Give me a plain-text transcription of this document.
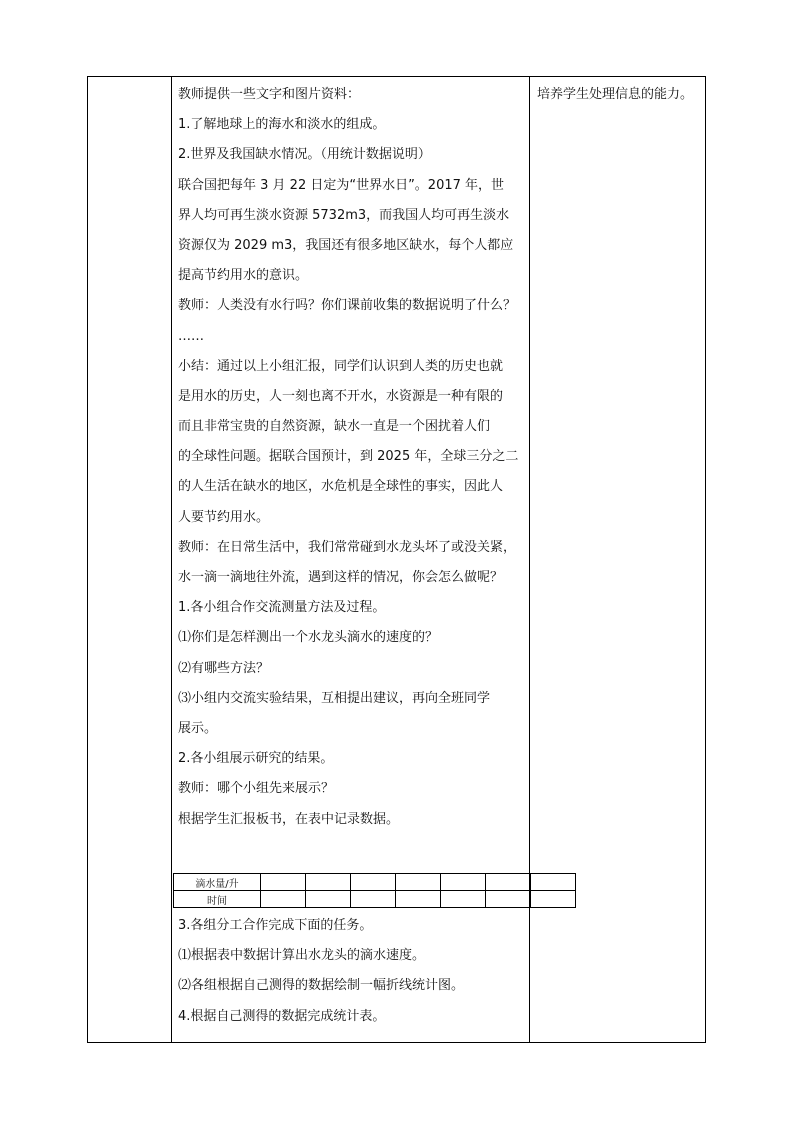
教师提供一些文字和图片资料：
1.了解地球上的海水和淡水的组成。
2.世界及我国缺水情况。（用统计数据说明）
联合国把每年 3 月 22 日定为“世界水日”。2017 年，世
界人均可再生淡水资源 5732m3，而我国人均可再生淡水
资源仅为 2029 m3，我国还有很多地区缺水，每个人都应
提高节约用水的意识。
教师：人类没有水行吗？你们课前收集的数据说明了什么？
……
小结：通过以上小组汇报，同学们认识到人类的历史也就
是用水的历史，人一刻也离不开水，水资源是一种有限的
而且非常宝贵的自然资源，缺水一直是一个困扰着人们
的全球性问题。据联合国预计，到 2025 年，全球三分之二
的人生活在缺水的地区，水危机是全球性的事实，因此人
人要节约用水。
教师：在日常生活中，我们常常碰到水龙头坏了或没关紧，
水一滴一滴地往外流，遇到这样的情况，你会怎么做呢？
1.各小组合作交流测量方法及过程。
⑴你们是怎样测出一个水龙头滴水的速度的？
⑵有哪些方法？
⑶小组内交流实验结果，互相提出建议，再向全班同学
展示。
2.各小组展示研究的结果。
教师：哪个小组先来展示？
根据学生汇报板书，在表中记录数据。
滴水量/升							
时间							
3.各组分工合作完成下面的任务。
⑴根据表中数据计算出水龙头的滴水速度。
⑵各组根据自己测得的数据绘制一幅折线统计图。
4.根据自己测得的数据完成统计表。
培养学生处理信息的能力。
